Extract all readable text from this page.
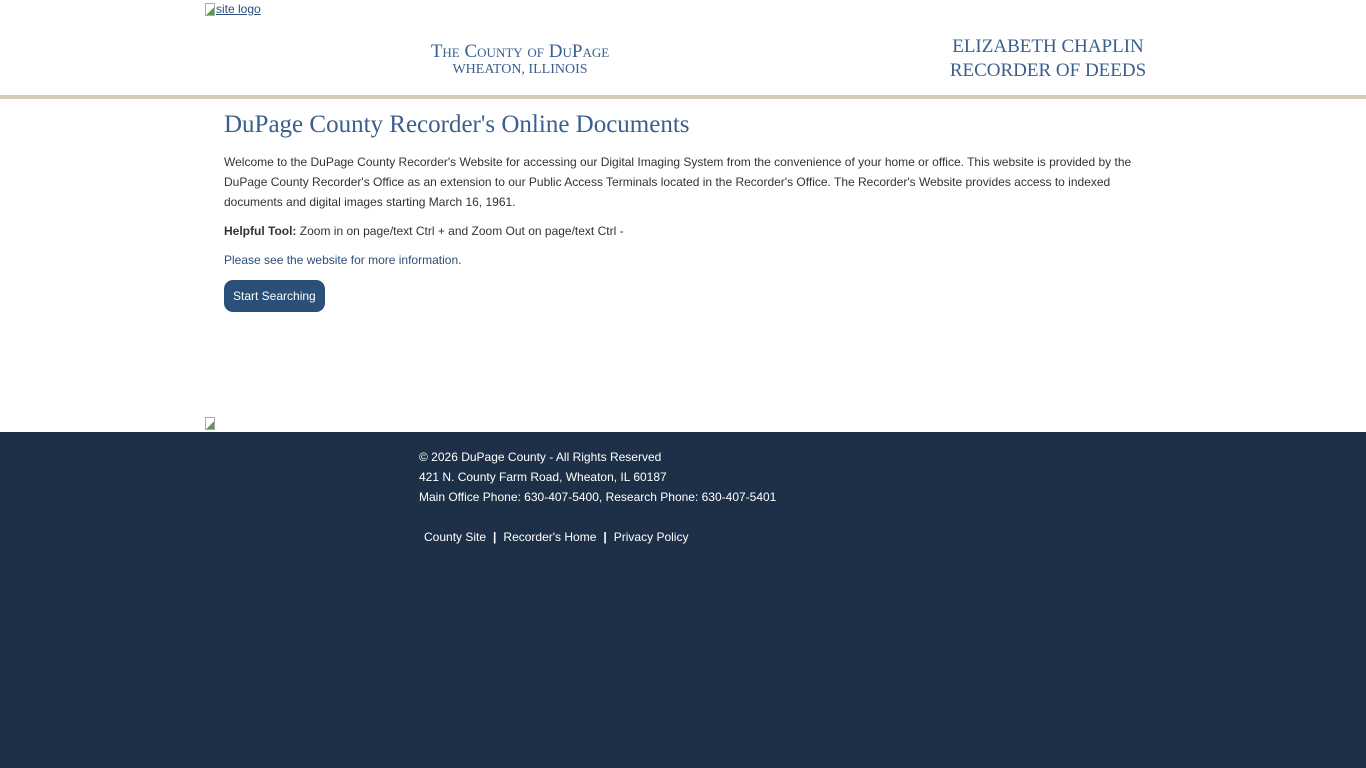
site logo
The County of DuPage
WHEATON, ILLINOIS
ELIZABETH CHAPLIN
RECORDER OF DEEDS
DuPage County Recorder's Online Documents

Welcome to the DuPage County Recorder's Website for accessing our Digital Imaging System from the convenience of your home or office. This website is provided by the DuPage County Recorder's Office as an extension to our Public Access Terminals located in the Recorder's Office. The Recorder's Website provides access to indexed documents and digital images starting March 16, 1961.

Helpful Tool: Zoom in on page/text Ctrl + and Zoom Out on page/text Ctrl -

Please see the website for more information.

Start Searching
© 2026 DuPage County - All Rights Reserved
421 N. County Farm Road, Wheaton, IL 60187
Main Office Phone: 630-407-5400, Research Phone: 630-407-5401
County Site | Recorder's Home | Privacy Policy
